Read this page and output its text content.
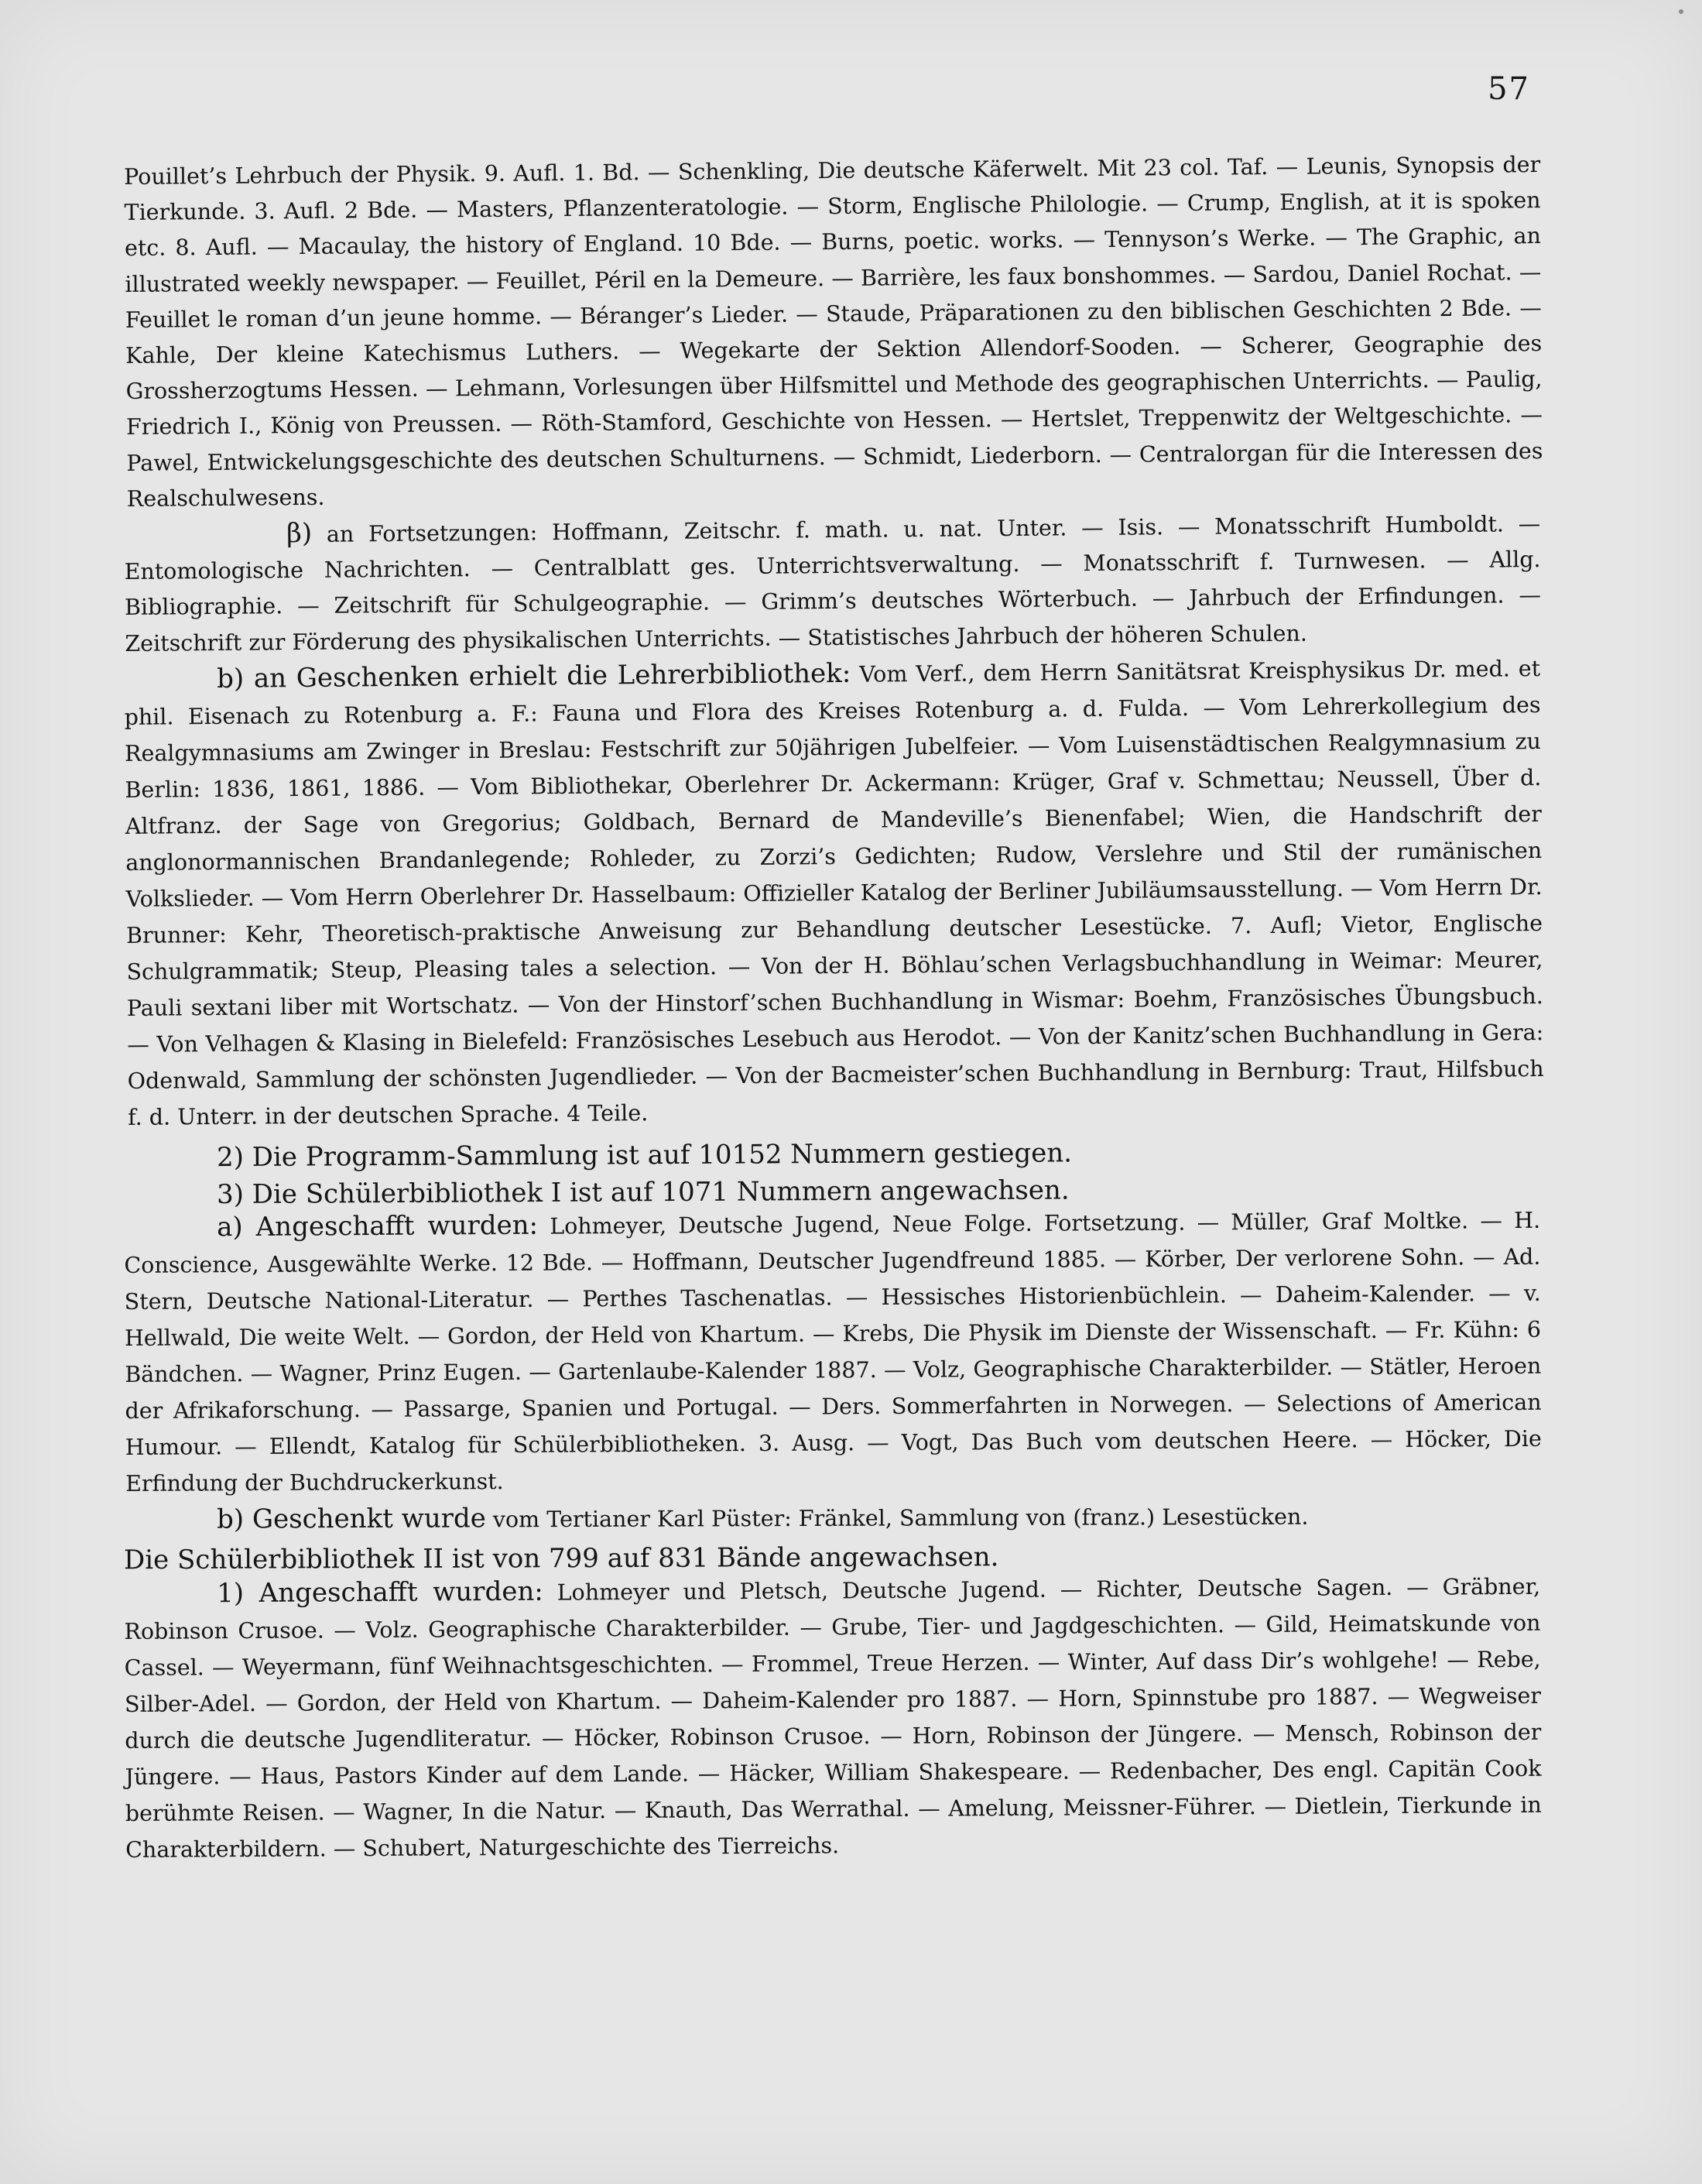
57

Pouillet’s Lehrbuch der Physik. 9. Aufl. 1. Bd. — Schenkling, Die deutsche Käferwelt. Mit 23 col. Taf. — Leunis, Synopsis der Tierkunde. 3. Aufl. 2 Bde. — Masters, Pflanzenteratologie. — Storm, Englische Philologie. — Crump, English, at it is spoken etc. 8. Aufl. — Macaulay, the history of England. 10 Bde. — Burns, poetic. works. — Tennyson’s Werke. — The Graphic, an illustrated weekly newspaper. — Feuillet, Péril en la Demeure. — Barrière, les faux bonshommes. — Sardou, Daniel Rochat. — Feuillet le roman d’un jeune homme. — Béranger’s Lieder. — Staude, Präparationen zu den biblischen Geschichten 2 Bde. — Kahle, Der kleine Katechismus Luthers. — Wegekarte der Sektion Allendorf-Sooden. — Scherer, Geographie des Grossherzogtums Hessen. — Lehmann, Vorlesungen über Hilfsmittel und Methode des geographischen Unterrichts. — Paulig, Friedrich I., König von Preussen. — Röth-Stamford, Geschichte von Hessen. — Hertslet, Treppenwitz der Weltgeschichte. — Pawel, Entwickelungsgeschichte des deutschen Schulturnens. — Schmidt, Liederborn. — Centralorgan für die Interessen des Realschulwesens.

β) an Fortsetzungen: Hoffmann, Zeitschr. f. math. u. nat. Unter. — Isis. — Monatsschrift Humboldt. — Entomologische Nachrichten. — Centralblatt ges. Unterrichtsverwaltung. — Monatsschrift f. Turnwesen. — Allg. Bibliographie. — Zeitschrift für Schulgeographie. — Grimm’s deutsches Wörterbuch. — Jahrbuch der Erfindungen. — Zeitschrift zur Förderung des physikalischen Unterrichts. — Statistisches Jahrbuch der höheren Schulen.

b) an Geschenken erhielt die Lehrerbibliothek: Vom Verf., dem Herrn Sanitätsrat Kreisphysikus Dr. med. et phil. Eisenach zu Rotenburg a. F.: Fauna und Flora des Kreises Rotenburg a. d. Fulda. — Vom Lehrerkollegium des Realgymnasiums am Zwinger in Breslau: Festschrift zur 50jährigen Jubelfeier. — Vom Luisenstädtischen Realgymnasium zu Berlin: 1836, 1861, 1886. — Vom Bibliothekar, Oberlehrer Dr. Ackermann: Krüger, Graf v. Schmettau; Neussell, Über d. Altfranz. der Sage von Gregorius; Goldbach, Bernard de Mandeville’s Bienenfabel; Wien, die Handschrift der anglonormannischen Brandanlegende; Rohleder, zu Zorzi’s Gedichten; Rudow, Verslehre und Stil der rumänischen Volkslieder. — Vom Herrn Oberlehrer Dr. Hasselbaum: Offizieller Katalog der Berliner Jubiläumsausstellung. — Vom Herrn Dr. Brunner: Kehr, Theoretisch-praktische Anweisung zur Behandlung deutscher Lesestücke. 7. Aufl; Vietor, Englische Schulgrammatik; Steup, Pleasing tales a selection. — Von der H. Böhlau’schen Verlagsbuchhandlung in Weimar: Meurer, Pauli sextani liber mit Wortschatz. — Von der Hinstorf’schen Buchhandlung in Wismar: Boehm, Französisches Übungsbuch. — Von Velhagen & Klasing in Bielefeld: Französisches Lesebuch aus Herodot. — Von der Kanitz’schen Buchhandlung in Gera: Odenwald, Sammlung der schönsten Jugendlieder. — Von der Bacmeister’schen Buchhandlung in Bernburg: Traut, Hilfsbuch f. d. Unterr. in der deutschen Sprache. 4 Teile.

2) Die Programm-Sammlung ist auf 10152 Nummern gestiegen.

3) Die Schülerbibliothek I ist auf 1071 Nummern angewachsen.

a) Angeschafft wurden: Lohmeyer, Deutsche Jugend, Neue Folge. Fortsetzung. — Müller, Graf Moltke. — H. Conscience, Ausgewählte Werke. 12 Bde. — Hoffmann, Deutscher Jugendfreund 1885. — Körber, Der verlorene Sohn. — Ad. Stern, Deutsche National-Literatur. — Perthes Taschenatlas. — Hessisches Historienbüchlein. — Daheim-Kalender. — v. Hellwald, Die weite Welt. — Gordon, der Held von Khartum. — Krebs, Die Physik im Dienste der Wissenschaft. — Fr. Kühn: 6 Bändchen. — Wagner, Prinz Eugen. — Gartenlaube-Kalender 1887. — Volz, Geographische Charakterbilder. — Stätler, Heroen der Afrikaforschung. — Passarge, Spanien und Portugal. — Ders. Sommerfahrten in Norwegen. — Selections of American Humour. — Ellendt, Katalog für Schülerbibliotheken. 3. Ausg. — Vogt, Das Buch vom deutschen Heere. — Höcker, Die Erfindung der Buchdruckerkunst.

b) Geschenkt wurde vom Tertianer Karl Püster: Fränkel, Sammlung von (franz.) Lesestücken.

Die Schülerbibliothek II ist von 799 auf 831 Bände angewachsen.

1) Angeschafft wurden: Lohmeyer und Pletsch, Deutsche Jugend. — Richter, Deutsche Sagen. — Gräbner, Robinson Crusoe. — Volz. Geographische Charakterbilder. — Grube, Tier- und Jagdgeschichten. — Gild, Heimatskunde von Cassel. — Weyermann, fünf Weihnachtsgeschichten. — Frommel, Treue Herzen. — Winter, Auf dass Dir’s wohlgehe! — Rebe, Silber-Adel. — Gordon, der Held von Khartum. — Daheim-Kalender pro 1887. — Horn, Spinnstube pro 1887. — Wegweiser durch die deutsche Jugendliteratur. — Höcker, Robinson Crusoe. — Horn, Robinson der Jüngere. — Mensch, Robinson der Jüngere. — Haus, Pastors Kinder auf dem Lande. — Häcker, William Shakespeare. — Redenbacher, Des engl. Capitän Cook berühmte Reisen. — Wagner, In die Natur. — Knauth, Das Werrathal. — Amelung, Meissner-Führer. — Dietlein, Tierkunde in Charakterbildern. — Schubert, Naturgeschichte des Tierreichs.
